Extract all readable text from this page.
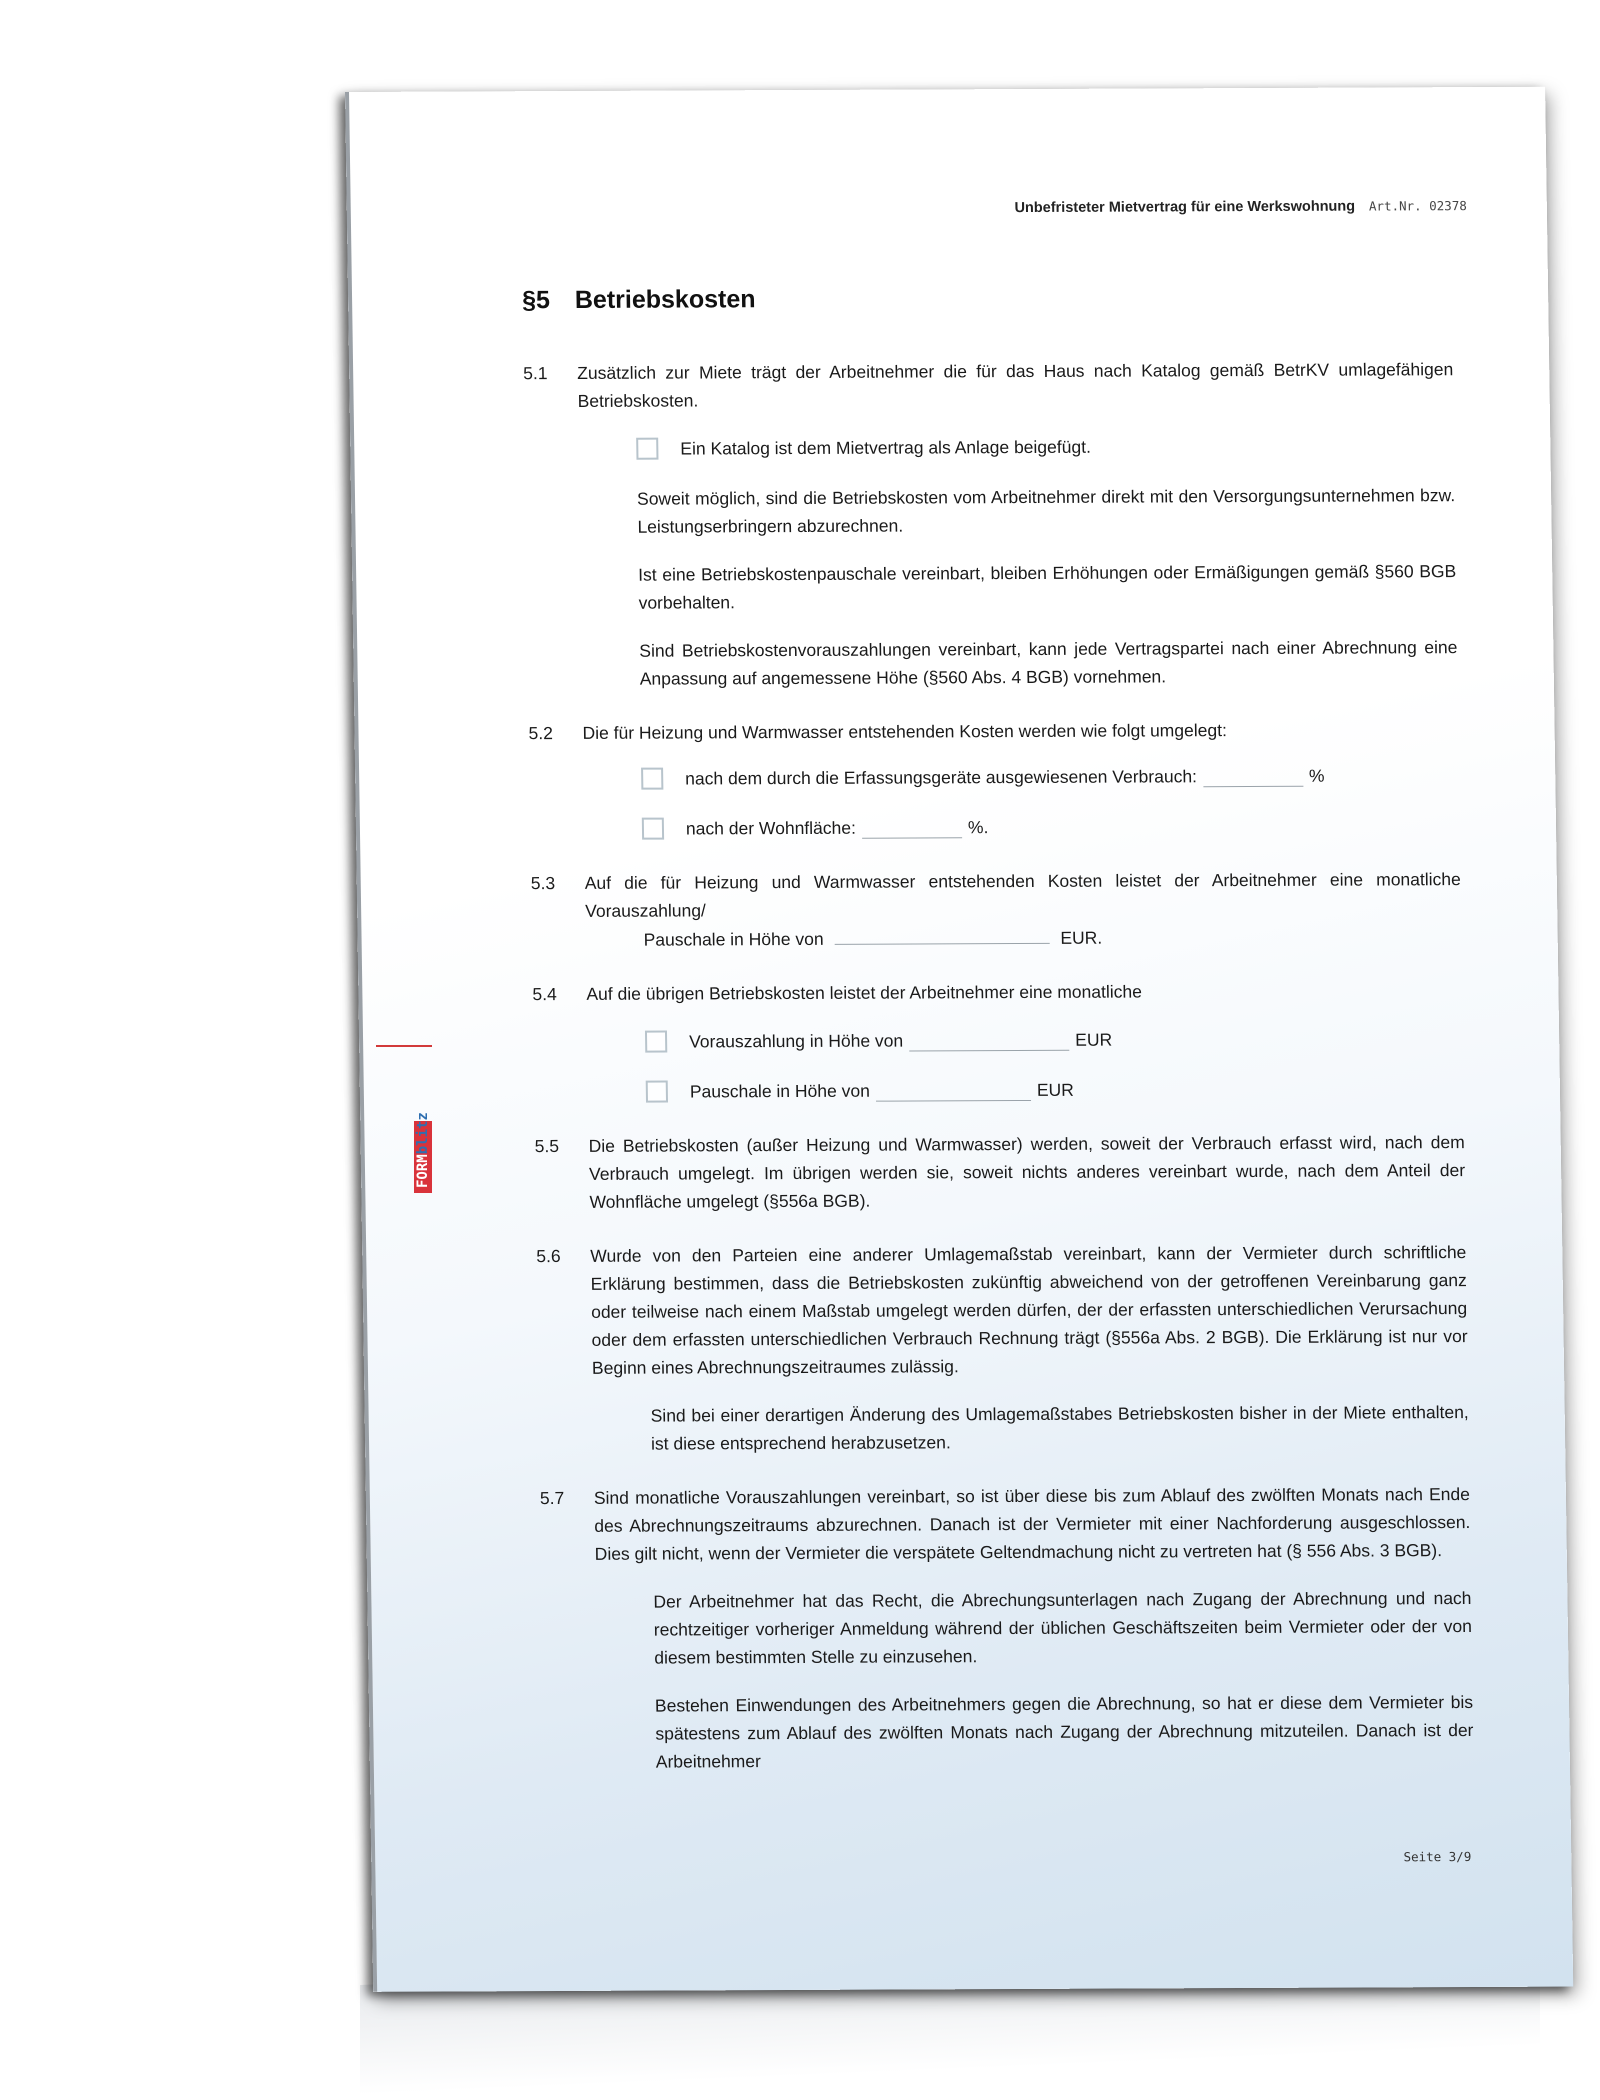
Unbefristeter Mietvertrag für eine Werkswohnung Art.Nr. 02378
§5 Betriebskosten
5.1	Zusätzlich zur Miete trägt der Arbeitnehmer die für das Haus nach Katalog gemäß BetrKV umlagefähigen Betriebskosten.
Ein Katalog ist dem Mietvertrag als Anlage beigefügt.
Soweit möglich, sind die Betriebskosten vom Arbeitnehmer direkt mit den Versorgungsunternehmen bzw. Leistungserbringern abzurechnen.
Ist eine Betriebskostenpauschale vereinbart, bleiben Erhöhungen oder Ermäßigungen gemäß §560 BGB vorbehalten.
Sind Betriebskostenvorauszahlungen vereinbart, kann jede Vertragspartei nach einer Abrechnung eine Anpassung auf angemessene Höhe (§560 Abs. 4 BGB) vornehmen.
5.2	Die für Heizung und Warmwasser entstehenden Kosten werden wie folgt umgelegt:
nach dem durch die Erfassungsgeräte ausgewiesenen Verbrauch:	%
nach der Wohnfläche:	%.
5.3	Auf die für Heizung und Warmwasser entstehenden Kosten leistet der Arbeitnehmer eine monatliche Vorauszahlung/
Pauschale in Höhe von	EUR.
5.4	Auf die übrigen Betriebskosten leistet der Arbeitnehmer eine monatliche
Vorauszahlung in Höhe von	EUR
Pauschale in Höhe von	EUR
5.5	Die Betriebskosten (außer Heizung und Warmwasser) werden, soweit der Verbrauch erfasst wird, nach dem Verbrauch umgelegt. Im übrigen werden sie, soweit nichts anderes vereinbart wurde, nach dem Anteil der Wohnfläche umgelegt (§556a BGB).
5.6	Wurde von den Parteien eine anderer Umlagemaßstab vereinbart, kann der Vermieter durch schriftliche Erklärung bestimmen, dass die Betriebskosten zukünftig abweichend von der getroffenen Vereinbarung ganz oder teilweise nach einem Maßstab umgelegt werden dürfen, der der erfassten unterschiedlichen Verursachung oder dem erfassten unterschiedlichen Verbrauch Rechnung trägt (§556a Abs. 2 BGB). Die Erklärung ist nur vor Beginn eines Abrechnungszeitraumes zulässig.
Sind bei einer derartigen Änderung des Umlagemaßstabes Betriebskosten bisher in der Miete enthalten, ist diese entsprechend herabzusetzen.
5.7	Sind monatliche Vorauszahlungen vereinbart, so ist über diese bis zum Ablauf des zwölften Monats nach Ende des Abrechnungszeitraums abzurechnen. Danach ist der Vermieter mit einer Nachforderung ausgeschlossen. Dies gilt nicht, wenn der Vermieter die verspätete Geltendmachung nicht zu vertreten hat (§ 556 Abs. 3 BGB).
Der Arbeitnehmer hat das Recht, die Abrechungsunterlagen nach Zugang der Abrechnung und nach rechtzeitiger vorheriger Anmeldung während der üblichen Geschäftszeiten beim Vermieter oder der von diesem bestimmten Stelle zu einzusehen.
Bestehen Einwendungen des Arbeitnehmers gegen die Abrechnung, so hat er diese dem Vermieter bis spätestens zum Ablauf des zwölften Monats nach Zugang der Abrechnung mitzuteilen. Danach ist der Arbeitnehmer
Seite 3/9
FORMblitz
